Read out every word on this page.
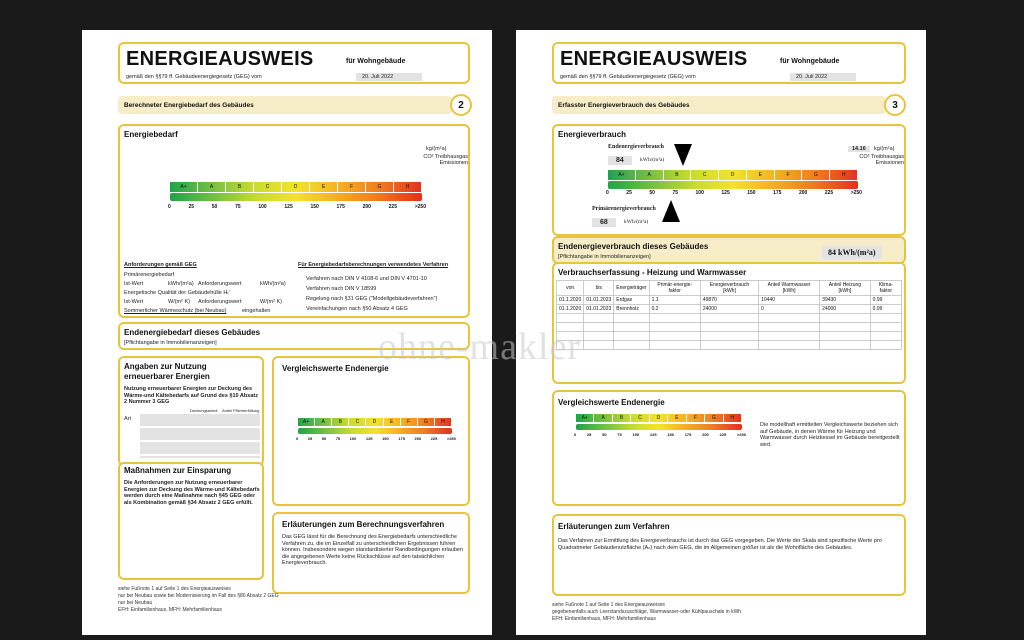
ENERGIEAUSWEIS	für Wohngebäude
gemäß den §§79 ff. Gebäudeenergiegesetz (GEG) vom	20. Juli 2022
Berechneter Energiebedarf des Gebäudes	2
Energiebedarf
kg/(m²a)
CO² Treibhausgas Emissionen
A+	A	B	C	D	E	F	G	H
0	25	50	75	100	125	150	175	200	225	>250
Anforderungen gemäß GEG
Primärenergiebedarf
Ist-Wert	kWh/(m²a) Anforderungswert	kWh/(m²a)
Energetische Qualität der Gebäudehülle Hₜ'
Ist-Wert	W/(m² K) Anforderungswert	W/(m² K)
Sommerlicher Wärmeschutz (bei Neubau)	eingehalten
Für Energiebedarfsberechnungen verwendetes Verfahren
Verfahren nach DIN V 4108-6 und DIN V 4701-10
Verfahren nach DIN V 18599
Regelung nach §31 GEG ("Modellgebäudeverfahren")
Vereinfachungen nach §50 Absatz 4 GEG
Endenergiebedarf dieses Gebäudes
[Pflichtangabe in Immobilienanzeigen]
Angaben zur Nutzung erneuerbarer Energien
Nutzung erneuerbarer Energien zur Deckung des Wärme-und Kältebedarfs auf Grund des §10 Absatz 2 Nummer 3 GEG
Art
Deckungsanteil Anteil Pflichterfüllung
Maßnahmen zur Einsparung
Die Anforderungen zur Nutzung erneuerbarer Energien zur Deckung des Wärme-und Kältebedarfs werden durch eine Maßnahme nach §45 GEG oder als Kombination gemäß §34 Absatz 2 GEG erfüllt.
Vergleichswerte Endenergie
A+	A	B	C	D	E	F	G	H
0 25 50 75 100 125 150 175 200 225 >250
Erläuterungen zum Berechnungsverfahren
Das GEG lässt für die Berechnung des Energiebedarfs unterschiedliche Verfahren zu, die im Einzelfall zu unterschiedlichen Ergebnissen führen können. Insbesondere wegen standardisierter Randbedingungen erlauben die angegebenen Werte keine Rückschlüsse auf den tatsächlichen Energieverbrauch.
siehe Fußnote 1 auf Seite 1 des Energieausweises
nur bei Neubau sowie bei Modernisierung im Fall des §80 Absatz 2 GEG
nur bei Neubau
EFH: Einfamilienhaus, MFH: Mehrfamilienhaus
ENERGIEAUSWEIS	für Wohngebäude
gemäß den §§79 ff. Gebäudeenergiegesetz (GEG) vom	20. Juli 2022
Erfasster Energieverbrauch des Gebäudes	3
Energieverbrauch
Endenergieverbrauch
84	kWh/(m²a)
14.16	kg/(m²a)
CO² Treibhausgas Emissionen
A+	A	B	C	D	E	F	G	H
0	25	50	75	100	125	150	175	200	225	>250
Primärenergieverbrauch
68	kWh/(m²a)
Endenergieverbrauch dieses Gebäudes
[Pflichtangabe in Immobilienanzeigen]	84 kWh/(m²a)
Verbrauchserfassung - Heizung und Warmwasser
von	bis	Energieträger	Primär-energie-faktor	Energieverbrauch [kWh]	Anteil Warmwasser [kWh]	Anteil Heizung [kWh]	Klima-faktor
01.1.2020	01.01.2023	Erdgas	1.1	49870	10440	39430	0.99
01.1.2020	01.01.2023	Brennholz	0.2	24000	0	24000	0.99

Vergleichswerte Endenergie
A+	A	B	C	D	E	F	G	H
0	25	50	75	100	125	150	175	200	225	>250
Die modellhaft ermittelten Vergleichswerte beziehen sich auf Gebäude, in denen Wärme für Heizung und Warmwasser durch Heizkessel im Gebäude bereitgestellt wird.
Erläuterungen zum Verfahren
Das Verfahren zur Ermittlung des Energieverbrauchs ist durch das GEG vorgegeben. Die Werte der Skala sind spezifische Werte pro Quadratmeter Gebäudenutzfläche (Aₙ) nach dem GEG, die im Allgemeinen größer ist als die Wohnfläche des Gebäudes.
siehe Fußnote 1 auf Seite 1 des Energieausweises
gegebenenfalls auch Leerstandszuschläge, Warmwasser-oder Kühlpauschale in kWh
EFH: Einfamilienhaus, MFH: Mehrfamilienhaus
ohne-makler
